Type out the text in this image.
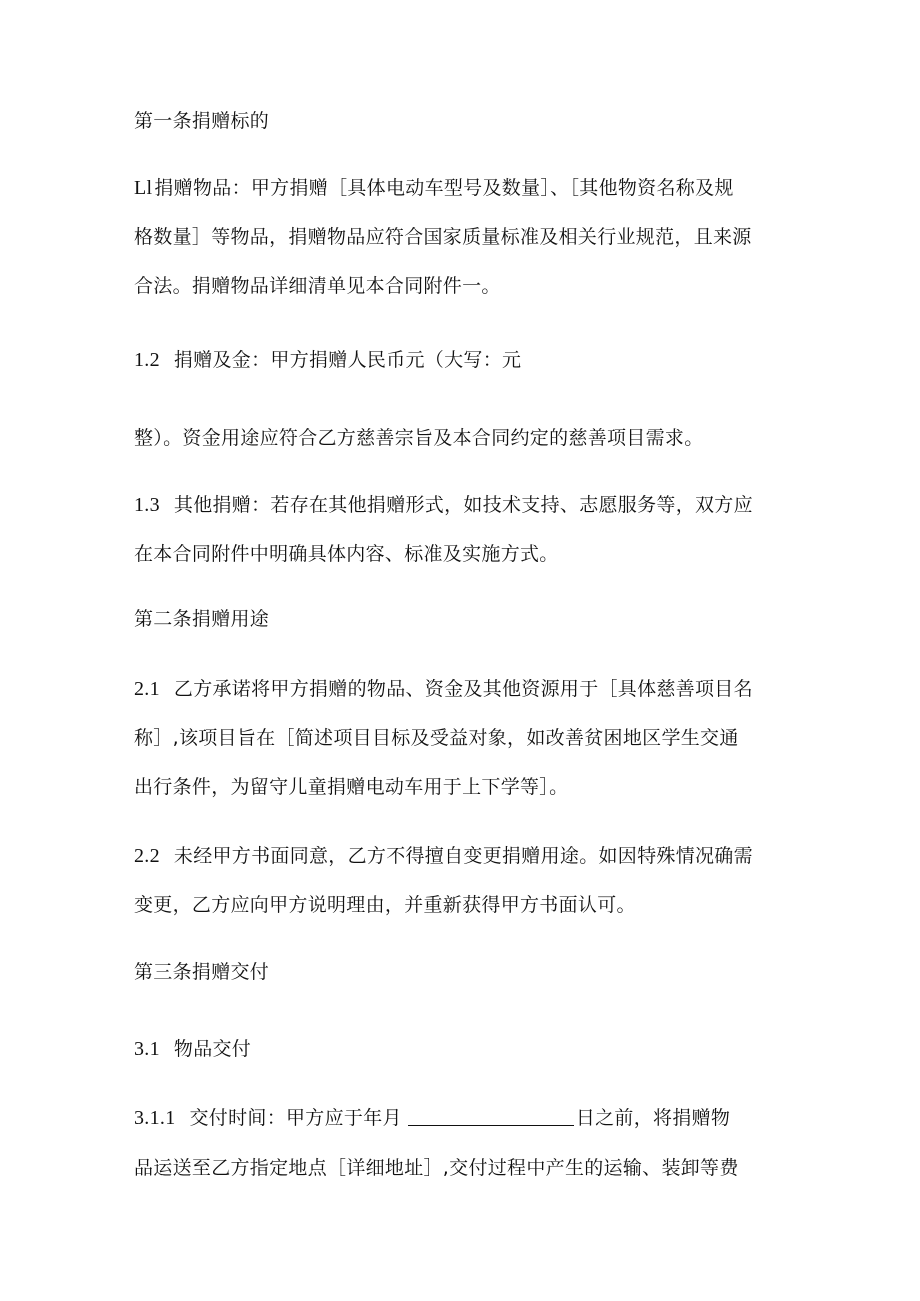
第一条捐赠标的
Ll 捐赠物品：甲方捐赠［具体电动车型号及数量］、［其他物资名称及规
格数量］等物品，捐赠物品应符合国家质量标准及相关行业规范，且来源
合法。捐赠物品详细清单见本合同附件一。
1.2 捐赠及金：甲方捐赠人民币元（大写：元
整）。资金用途应符合乙方慈善宗旨及本合同约定的慈善项目需求。
1.3 其他捐赠：若存在其他捐赠形式，如技术支持、志愿服务等，双方应
在本合同附件中明确具体内容、标准及实施方式。
第二条捐赠用途
2.1 乙方承诺将甲方捐赠的物品、资金及其他资源用于［具体慈善项目名
称］,该项目旨在［简述项目目标及受益对象，如改善贫困地区学生交通
出行条件，为留守儿童捐赠电动车用于上下学等］。
2.2 未经甲方书面同意，乙方不得擅自变更捐赠用途。如因特殊情况确需
变更，乙方应向甲方说明理由，并重新获得甲方书面认可。
第三条捐赠交付
3.1 物品交付
3.1.1 交付时间：甲方应于年月	日之前，将捐赠物
品运送至乙方指定地点［详细地址］,交付过程中产生的运输、装卸等费
